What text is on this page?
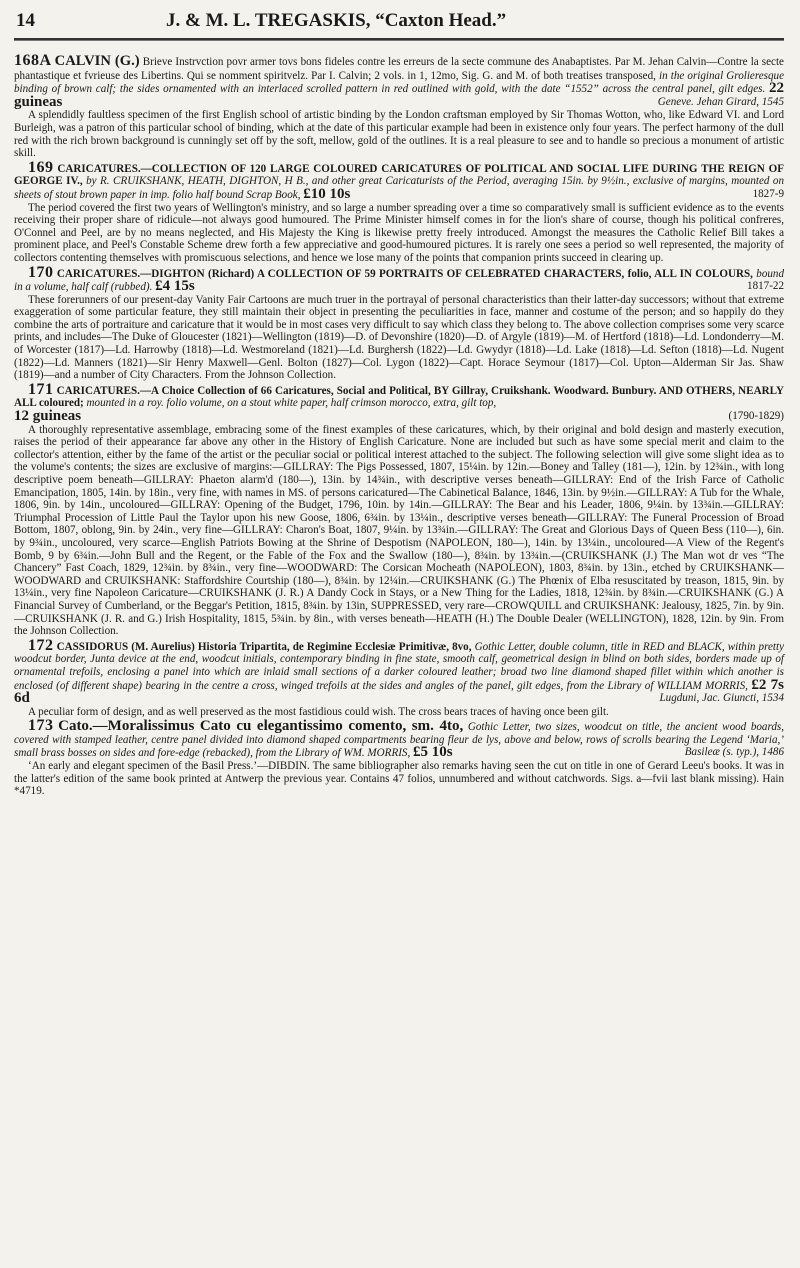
14	J. & M. L. TREGASKIS, “Caxton Head.”
168A CALVIN (G.) Brieve Instrvction povr armer tovs bons fideles contre les erreurs de la secte commune des Anabaptistes. Par M. Jehan Calvin—Contre la secte phantastique et fvrieuse des Libertins. Qui se nomment spiritvelz. Par I. Calvin; 2 vols. in 1, 12mo, Sig. G. and M. of both treatises transposed, in the original Grolieresque binding of brown calf; the sides ornamented with an interlaced scrolled pattern in red outlined with gold, with the date “1552” across the central panel, gilt edges. 22 guineas	Geneve. Jehan Girard, 1545

A splendidly faultless specimen of the first English school of artistic binding by the London craftsman employed by Sir Thomas Wotton, who, like Edward VI. and Lord Burleigh, was a patron of this particular school of binding, which at the date of this particular example had been in existence only four years. The perfect harmony of the dull red with the rich brown background is cunningly set off by the soft, mellow, gold of the outlines. It is a real pleasure to see and to handle so precious a monument of artistic skill.
169 CARICATURES.—COLLECTION OF 120 LARGE COLOURED CARICATURES OF POLITICAL AND SOCIAL LIFE DURING THE REIGN OF GEORGE IV., by R. CRUIKSHANK, HEATH, DIGHTON, H B., and other great Caricaturists of the Period, averaging 15in. by 9½in., exclusive of margins, mounted on sheets of stout brown paper in imp. folio half bound Scrap Book, £10 10s	1827-9

The period covered the first two years of Wellington's ministry, and so large a number spreading over a time so comparatively small is sufficient evidence as to the events receiving their proper share of ridicule—not always good humoured. The Prime Minister himself comes in for the lion's share of course, though his political confreres, O'Connel and Peel, are by no means neglected, and His Majesty the King is likewise pretty freely introduced. Amongst the measures the Catholic Relief Bill takes a prominent place, and Peel's Constable Scheme drew forth a few appreciative and good-humoured pictures. It is rarely one sees a period so well represented, the majority of collectors contenting themselves with promiscuous selections, and hence we lose many of the points that companion prints succeed in clearing up.
170 CARICATURES.—DIGHTON (Richard) A COLLECTION OF 59 PORTRAITS OF CELEBRATED CHARACTERS, folio, ALL IN COLOURS, bound in a volume, half calf (rubbed). £4 15s	1817-22

These forerunners of our present-day Vanity Fair Cartoons are much truer in the portrayal of personal characteristics than their latter-day successors; without that extreme exaggeration of some particular feature, they still maintain their object in presenting the peculiarities in face, manner and costume of the person; and so happily do they combine the arts of portraiture and caricature that it would be in most cases very difficult to say which class they belong to. The above collection comprises some very scarce prints, and includes—The Duke of Gloucester (1821)—Wellington (1819)—D. of Devonshire (1820)—D. of Argyle (1819)—M. of Hertford (1818)—Ld. Londonderry—M. of Worcester (1817)—Ld. Harrowby (1818)—Ld. Westmoreland (1821)—Ld. Burghersh (1822)—Ld. Gwydyr (1818)—Ld. Lake (1818)—Ld. Sefton (1818)—Ld. Nugent (1822)—Ld. Manners (1821)—Sir Henry Maxwell—Genl. Bolton (1827)—Col. Lygon (1822)—Capt. Horace Seymour (1817)—Col. Upton—Alderman Sir Jas. Shaw (1819)—and a number of City Characters. From the Johnson Collection.
171 CARICATURES.—A Choice Collection of 66 Caricatures, Social and Political, BY Gillray, Cruikshank. Woodward. Bunbury. AND OTHERS, NEARLY ALL coloured; mounted in a roy. folio volume, on a stout white paper, half crimson morocco, extra, gilt top,
12 guineas	(1790-1829)

A thoroughly representative assemblage, embracing some of the finest examples of these caricatures, which, by their original and bold design and masterly execution, raises the period of their appearance far above any other in the History of English Caricature. None are included but such as have some special merit and claim to the collector's attention, either by the fame of the artist or the peculiar social or political interest attached to the subject. The following selection will give some slight idea as to the volume's contents; the sizes are exclusive of margins:—GILLRAY: The Pigs Possessed, 1807, 15¼in. by 12in.—Boney and Talley (181—), 12in. by 12¾in., with long descriptive poem beneath—GILLRAY: Phaeton alarm'd (180—), 13in. by 14¾in., with descriptive verses beneath—GILLRAY: End of the Irish Farce of Catholic Emancipation, 1805, 14in. by 18in., very fine, with names in MS. of persons caricatured—The Cabinetical Balance, 1846, 13in. by 9½in.—GILLRAY: A Tub for the Whale, 1806, 9in. by 14in., uncoloured—GILLRAY: Opening of the Budget, 1796, 10in. by 14in.—GILLRAY: The Bear and his Leader, 1806, 9¼in. by 13¾in.—GILLRAY: Triumphal Procession of Little Paul the Taylor upon his new Goose, 1806, 6¾in. by 13¼in., descriptive verses beneath—GILLRAY: The Funeral Procession of Broad Bottom, 1807, oblong, 9in. by 24in., very fine—GILLRAY: Charon's Boat, 1807, 9¼in. by 13¾in.—GILLRAY: The Great and Glorious Days of Queen Bess (110—), 6in. by 9¾in., uncoloured, very scarce—English Patriots Bowing at the Shrine of Despotism (NAPOLEON, 180—), 14in. by 13¼in., uncoloured—A View of the Regent's Bomb, 9 by 6¾in.—John Bull and the Regent, or the Fable of the Fox and the Swallow (180—), 8¾in. by 13¾in.—(CRUIKSHANK (J.) The Man wot dr ves “The Chancery” Fast Coach, 1829, 12¾in. by 8¾in., very fine—WOODWARD: The Corsican Mocheath (NAPOLEON), 1803, 8¾in. by 13in., etched by CRUIKSHANK—WOODWARD and CRUIKSHANK: Staffordshire Courtship (180—), 8¾in. by 12¼in.—CRUIKSHANK (G.) The Phœnix of Elba resuscitated by treason, 1815, 9in. by 13¼in., very fine Napoleon Caricature—CRUIKSHANK (J. R.) A Dandy Cock in Stays, or a New Thing for the Ladies, 1818, 12¾in. by 8¾in.—CRUIKSHANK (G.) A Financial Survey of Cumberland, or the Beggar's Petition, 1815, 8¾in. by 13in, SUPPRESSED, very rare—CROWQUILL and CRUIKSHANK: Jealousy, 1825, 7in. by 9in.—CRUIKSHANK (J. R. and G.) Irish Hospitality, 1815, 5¾in. by 8in., with verses beneath—HEATH (H.) The Double Dealer (WELLINGTON), 1828, 12in. by 9in. From the Johnson Collection.
172 CASSIDORUS (M. Aurelius) Historia Tripartita, de Regimine Ecclesiæ Primitivæ, 8vo, Gothic Letter, double column, title in RED and BLACK, within pretty woodcut border, Junta device at the end, woodcut initials, contemporary binding in fine state, smooth calf, geometrical design in blind on both sides, borders made up of ornamental trefoils, enclosing a panel into which are inlaid small sections of a darker coloured leather; broad two line diamond shaped fillet within which another is enclosed (of different shape) bearing in the centre a cross, winged trefoils at the sides and angles of the panel, gilt edges, from the Library of WILLIAM MORRIS, £2 7s 6d	Lugduni, Jac. Giuncti, 1534

A peculiar form of design, and as well preserved as the most fastidious could wish. The cross bears traces of having once been gilt.
173 Cato.—Moralissimus Cato cu elegantissimo comento, sm. 4to, Gothic Letter, two sizes, woodcut on title, the ancient wood boards, covered with stamped leather, centre panel divided into diamond shaped compartments bearing fleur de lys, above and below, rows of scrolls bearing the Legend ‘Maria,’ small brass bosses on sides and fore-edge (rebacked), from the Library of WM. MORRIS, £5 10s	Basileæ (s. typ.), 1486

‘An early and elegant specimen of the Basil Press.’—DIBDIN. The same bibliographer also remarks having seen the cut on title in one of Gerard Leeu's books. It was in the latter's edition of the same book printed at Antwerp the previous year. Contains 47 folios, unnumbered and without catchwords. Sigs. a—fvii last blank missing). Hain *4719.
